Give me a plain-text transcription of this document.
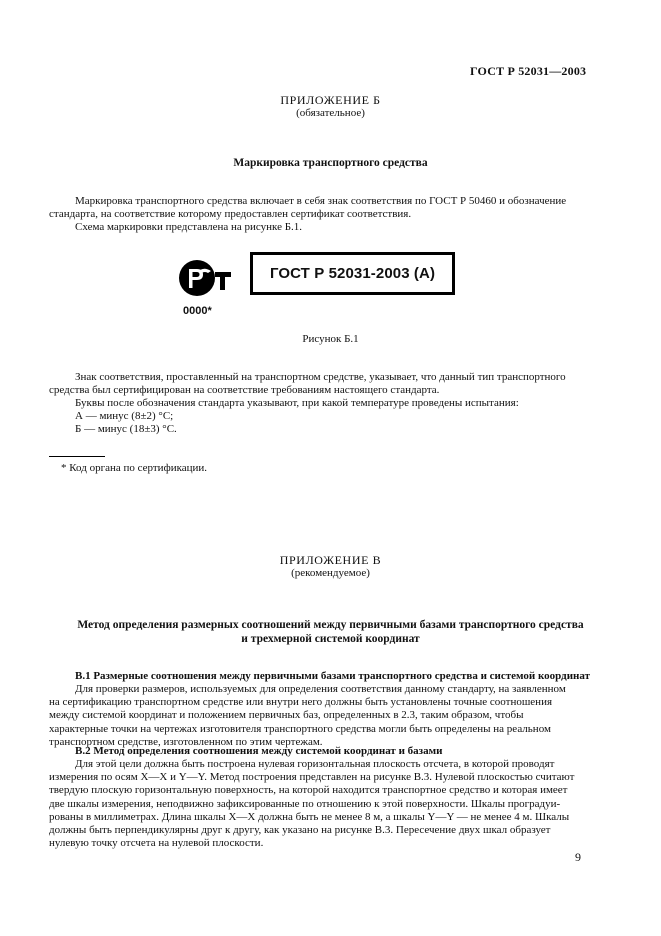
ГОСТ Р 52031—2003
ПРИЛОЖЕНИЕ Б
(обязательное)
Маркировка транспортного средства
Маркировка транспортного средства включает в себя знак соответствия по ГОСТ Р 50460 и обозначение
стандарта, на соответствие которому предоставлен сертификат соответствия.
Схема маркировки представлена на рисунке Б.1.
0000*
ГОСТ Р 52031-2003 (А)
Рисунок Б.1
Знак соответствия, проставленный на транспортном средстве, указывает, что данный тип транспортного
средства был сертифицирован на соответствие требованиям настоящего стандарта.
Буквы после обозначения стандарта указывают, при какой температуре проведены испытания:
А — минус (8±2) °С;
Б — минус (18±3) °С.
* Код органа по сертификации.
ПРИЛОЖЕНИЕ В
(рекомендуемое)
Метод определения размерных соотношений между первичными базами транспортного средства
и трехмерной системой координат
В.1 Размерные соотношения между первичными базами транспортного средства и системой координат
Для проверки размеров, используемых для определения соответствия данному стандарту, на заявленном
на сертификацию транспортном средстве или внутри него должны быть установлены точные соотношения
между системой координат и положением первичных баз, определенных в 2.3, таким образом, чтобы
характерные точки на чертежах изготовителя транспортного средства могли быть определены на реальном
транспортном средстве, изготовленном по этим чертежам.
В.2 Метод определения соотношения между системой координат и базами
Для этой цели должна быть построена нулевая горизонтальная плоскость отсчета, в которой проводят
измерения по осям X—X и Y—Y. Метод построения представлен на рисунке В.3. Нулевой плоскостью считают
твердую плоскую горизонтальную поверхность, на которой находится транспортное средство и которая имеет
две шкалы измерения, неподвижно зафиксированные по отношению к этой поверхности. Шкалы проградуи-
рованы в миллиметрах. Длина шкалы X—X должна быть не менее 8 м, а шкалы Y—Y — не менее 4 м. Шкалы
должны быть перпендикулярны друг к другу, как указано на рисунке В.3. Пересечение двух шкал образует
нулевую точку отсчета на нулевой плоскости.
9
